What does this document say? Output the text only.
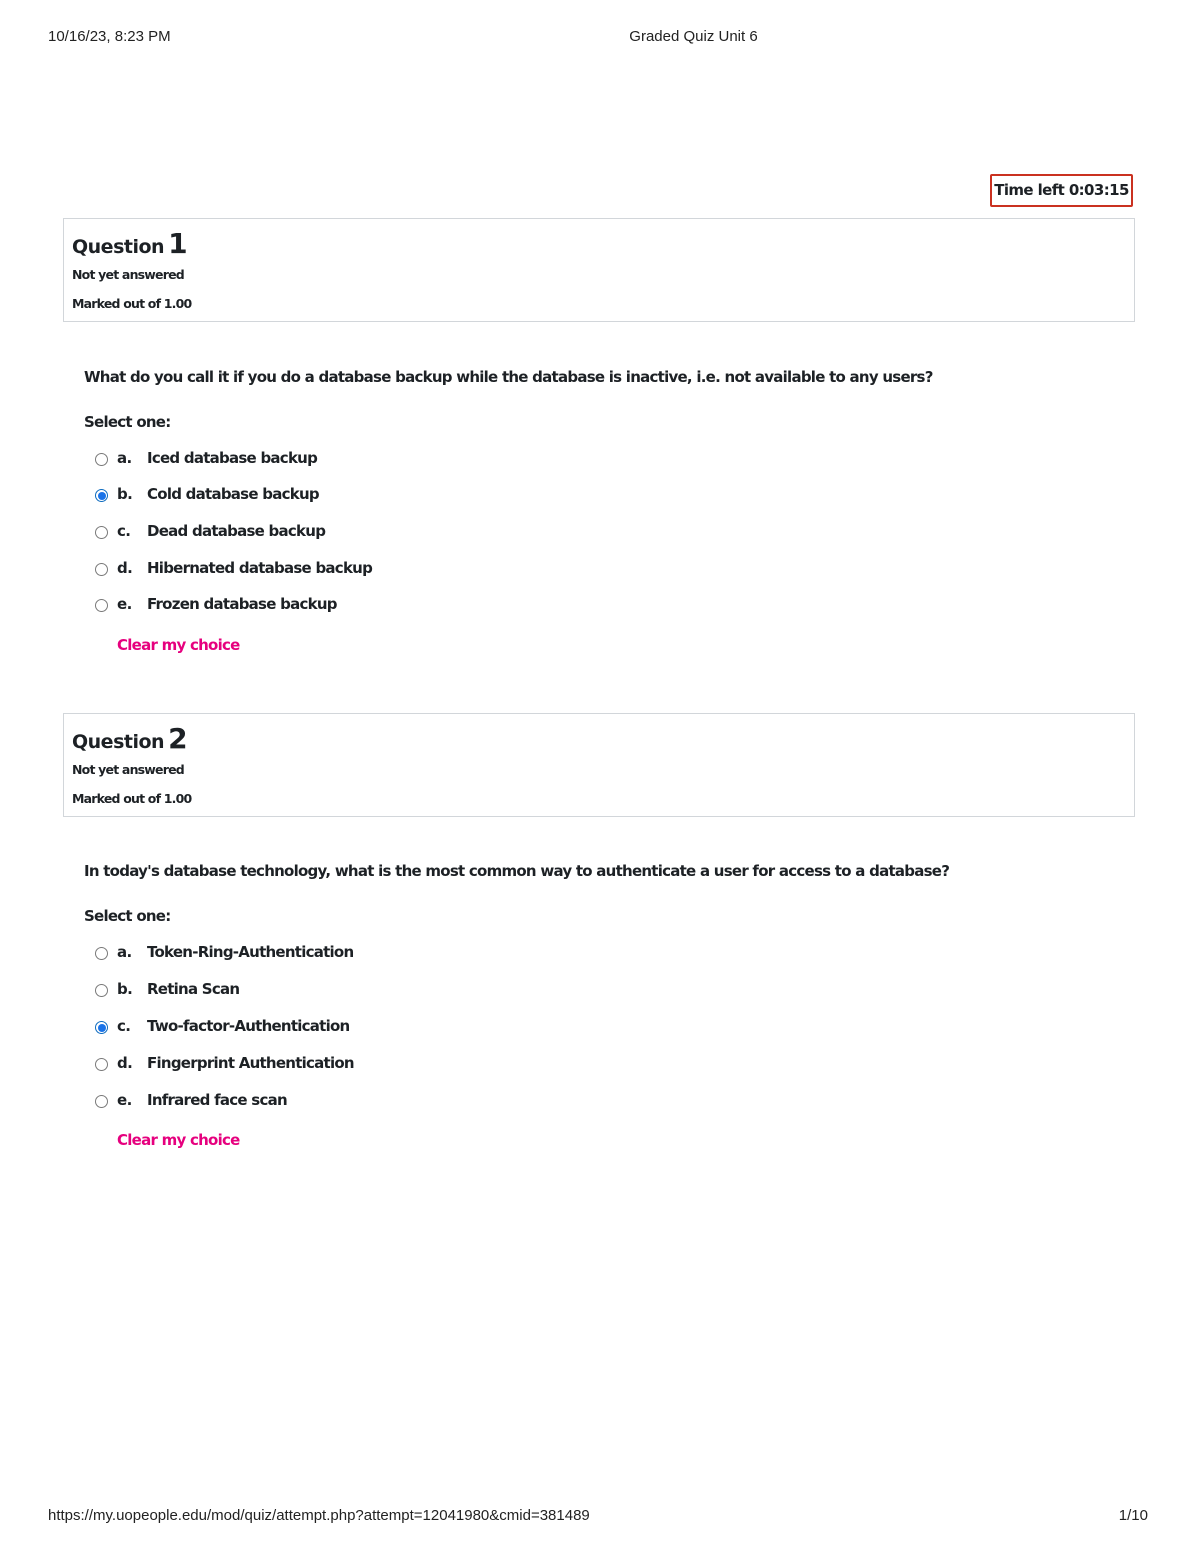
10/16/23, 8:23 PM	Graded Quiz Unit 6
Time left 0:03:15
Question 1
Not yet answered
Marked out of 1.00
What do you call it if you do a database backup while the database is inactive, i.e. not available to any users?
Select one:
a. Iced database backup
b. Cold database backup
c. Dead database backup
d. Hibernated database backup
e. Frozen database backup
Clear my choice
Question 2
Not yet answered
Marked out of 1.00
In today's database technology, what is the most common way to authenticate a user for access to a database?
Select one:
a. Token-Ring-Authentication
b. Retina Scan
c. Two-factor-Authentication
d. Fingerprint Authentication
e. Infrared face scan
Clear my choice
https://my.uopeople.edu/mod/quiz/attempt.php?attempt=12041980&cmid=381489	1/10
